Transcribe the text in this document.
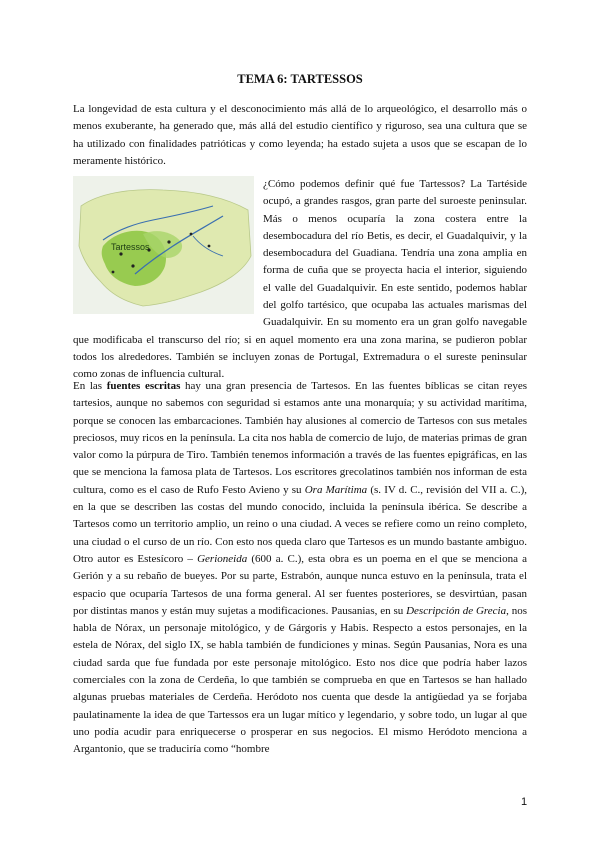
TEMA 6: TARTESSOS

La longevidad de esta cultura y el desconocimiento más allá de lo arqueológico, el desarrollo más o menos exuberante, ha generado que, más allá del estudio científico y riguroso, sea una cultura que se ha utilizado con finalidades patrióticas y como leyenda; ha estado sujeta a usos que se escapan de lo meramente histórico.

Tartessos
¿Cómo podemos definir qué fue Tartessos? La Tartéside ocupó, a grandes rasgos, gran parte del suroeste peninsular. Más o menos ocuparía la zona costera entre la desembocadura del río Betis, es decir, el Guadalquivir, y la desembocadura del Guadiana. Tendría una zona amplia en forma de cuña que se proyecta hacia el interior, siguiendo el valle del Guadalquivir. En este sentido, podemos hablar del golfo tartésico, que ocupaba las actuales marismas del Guadalquivir. En su momento era un gran golfo navegable que modificaba el transcurso del río; si en aquel momento era una zona marina, se pudieron poblar todos los alrededores. También se incluyen zonas de Portugal, Extremadura o el sureste peninsular como zonas de influencia cultural.

En las fuentes escritas hay una gran presencia de Tartesos. En las fuentes bíblicas se citan reyes tartesios, aunque no sabemos con seguridad si estamos ante una monarquía; y su actividad marítima, porque se conocen las embarcaciones. También hay alusiones al comercio de Tartesos con sus metales preciosos, muy ricos en la península. La cita nos habla de comercio de lujo, de materias primas de gran valor como la púrpura de Tiro. También tenemos información a través de las fuentes epigráficas, en las que se menciona la famosa plata de Tartesos. Los escritores grecolatinos también nos informan de esta cultura, como es el caso de Rufo Festo Avieno y su Ora Marítima (s. IV d. C., revisión del VII a. C.), en la que se describen las costas del mundo conocido, incluida la península ibérica. Se describe a Tartesos como un territorio amplio, un reino o una ciudad. A veces se refiere como un reino completo, una ciudad o el curso de un río. Con esto nos queda claro que Tartesos es un mundo bastante ambiguo. Otro autor es Estesícoro – Gerioneida (600 a. C.), esta obra es un poema en el que se menciona a Gerión y a su rebaño de bueyes. Por su parte, Estrabón, aunque nunca estuvo en la península, trata el espacio que ocuparía Tartesos de una forma general. Al ser fuentes posteriores, se desvirtúan, pasan por distintas manos y están muy sujetas a modificaciones. Pausanias, en su Descripción de Grecia, nos habla de Nórax, un personaje mitológico, y de Gárgoris y Habis. Respecto a estos personajes, en la estela de Nórax, del siglo IX, se habla también de fundiciones y minas. Según Pausanias, Nora es una ciudad sarda que fue fundada por este personaje mitológico. Esto nos dice que podría haber lazos comerciales con la zona de Cerdeña, lo que también se comprueba en que en Tartesos se han hallado algunas pruebas materiales de Cerdeña. Heródoto nos cuenta que desde la antigüedad ya se forjaba paulatinamente la idea de que Tartessos era un lugar mítico y legendario, y sobre todo, un lugar al que uno podía acudir para enriquecerse o prosperar en sus negocios. El mismo Heródoto menciona a Argantonio, que se traduciría como “hombre

1
